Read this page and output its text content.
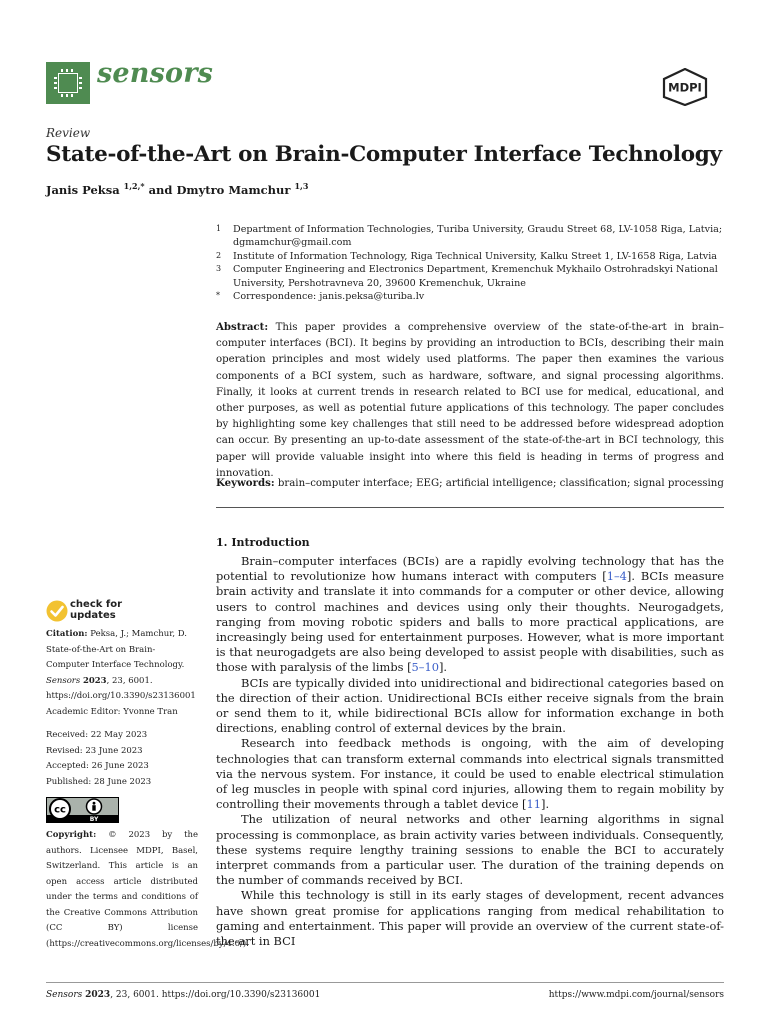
sensors	MDPI
Review
State-of-the-Art on Brain-Computer Interface Technology
Janis Peksa $^{1,2,*}$ and Dmytro Mamchur $^{1,3}$
1	Department of Information Technologies, Turiba University, Graudu Street 68, LV-1058 Riga, Latvia; dgmamchur@gmail.com
2	Institute of Information Technology, Riga Technical University, Kalku Street 1, LV-1658 Riga, Latvia
3	Computer Engineering and Electronics Department, Kremenchuk Mykhailo Ostrohradskyi National University, Pershotravneva 20, 39600 Kremenchuk, Ukraine
*	Correspondence: janis.peksa@turiba.lv
Abstract: This paper provides a comprehensive overview of the state-of-the-art in brain–computer interfaces (BCI). It begins by providing an introduction to BCIs, describing their main operation principles and most widely used platforms. The paper then examines the various components of a BCI system, such as hardware, software, and signal processing algorithms. Finally, it looks at current trends in research related to BCI use for medical, educational, and other purposes, as well as potential future applications of this technology. The paper concludes by highlighting some key challenges that still need to be addressed before widespread adoption can occur. By presenting an up-to-date assessment of the state-of-the-art in BCI technology, this paper will provide valuable insight into where this field is heading in terms of progress and innovation.
Keywords: brain–computer interface; EEG; artificial intelligence; classification; signal processing
1. Introduction

Brain–computer interfaces (BCIs) are a rapidly evolving technology that has the potential to revolutionize how humans interact with computers [1–4]. BCIs measure brain activity and translate it into commands for a computer or other device, allowing users to control machines and devices using only their thoughts. Neurogadgets, ranging from moving robotic spiders and balls to more practical applications, are increasingly being used for entertainment purposes. However, what is more important is that neurogadgets are also being developed to assist people with disabilities, such as those with paralysis of the limbs [5–10].

BCIs are typically divided into unidirectional and bidirectional categories based on the direction of their action. Unidirectional BCIs either receive signals from the brain or send them to it, while bidirectional BCIs allow for information exchange in both directions, enabling control of external devices by the brain.

Research into feedback methods is ongoing, with the aim of developing technologies that can transform external commands into electrical signals transmitted via the nervous system. For instance, it could be used to enable electrical stimulation of leg muscles in people with spinal cord injuries, allowing them to regain mobility by controlling their movements through a tablet device [11].

The utilization of neural networks and other learning algorithms in signal processing is commonplace, as brain activity varies between individuals. Consequently, these systems require lengthy training sessions to enable the BCI to accurately interpret commands from a particular user. The duration of the training depends on the number of commands received by BCI.

While this technology is still in its early stages of development, recent advances have shown great promise for applications ranging from medical rehabilitation to gaming and entertainment. This paper will provide an overview of the current state-of-the-art in BCI

check for
updates
Citation: Peksa, J.; Mamchur, D. State-of-the-Art on Brain-Computer Interface Technology. Sensors 2023, 23, 6001. https://doi.org/10.3390/s23136001
Academic Editor: Yvonne Tran
Received: 22 May 2023
Revised: 23 June 2023
Accepted: 26 June 2023
Published: 28 June 2023
cc
BY
Copyright: © 2023 by the authors. Licensee MDPI, Basel, Switzerland. This article is an open access article distributed under the terms and conditions of the Creative Commons Attribution (CC BY) license (https://creativecommons.org/licenses/by/4.0/).
Sensors 2023, 23, 6001. https://doi.org/10.3390/s23136001	https://www.mdpi.com/journal/sensors
